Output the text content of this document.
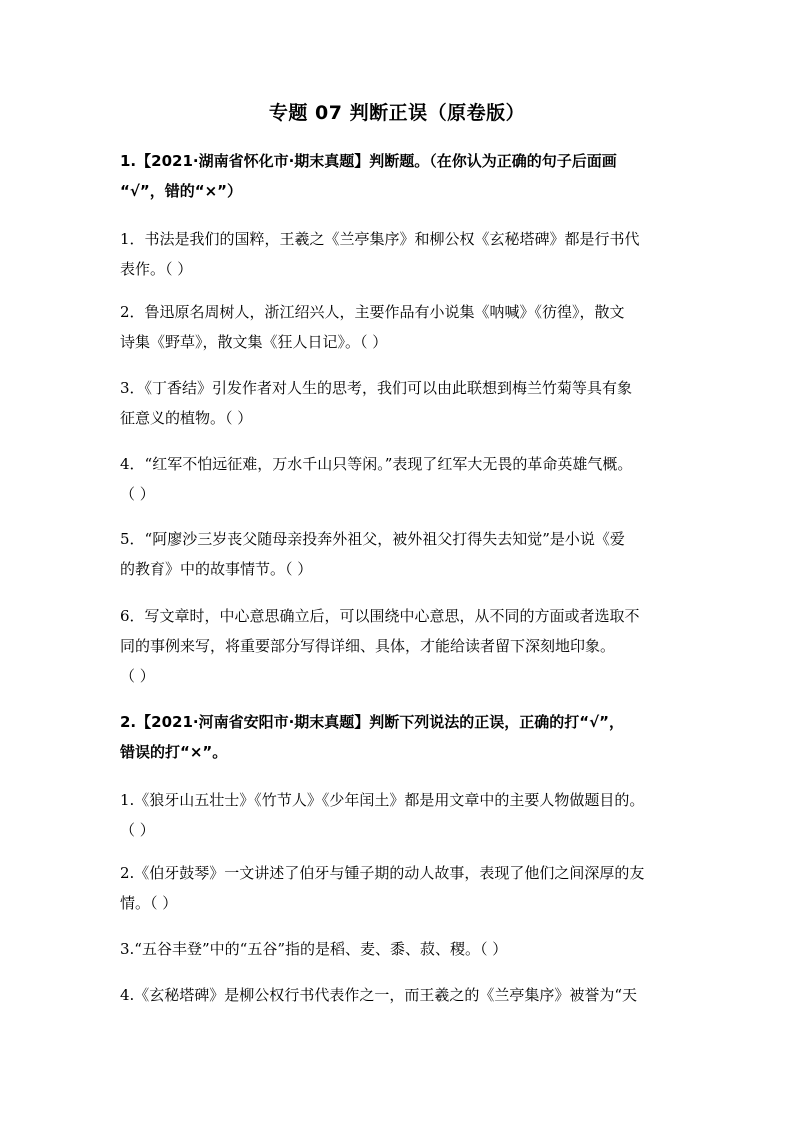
专题 07 判断正误（原卷版）
1.【2021·湖南省怀化市·期末真题】判断题。（在你认为正确的句子后面画
“√”，错的“×”）
1．书法是我们的国粹，王羲之《兰亭集序》和柳公权《玄秘塔碑》都是行书代
表作。（ ）
2．鲁迅原名周树人，浙江绍兴人，主要作品有小说集《呐喊》《彷徨》，散文
诗集《野草》，散文集《狂人日记》。（ ）
3．《丁香结》引发作者对人生的思考，我们可以由此联想到梅兰竹菊等具有象
征意义的植物。（ ）
4．“红军不怕远征难，万水千山只等闲。”表现了红军大无畏的革命英雄气概。
（ ）
5．“阿廖沙三岁丧父随母亲投奔外祖父，被外祖父打得失去知觉”是小说《爱
的教育》中的故事情节。（ ）
6．写文章时，中心意思确立后，可以围绕中心意思，从不同的方面或者选取不
同的事例来写，将重要部分写得详细、具体，才能给读者留下深刻地印象。
（ ）
2.【2021·河南省安阳市·期末真题】判断下列说法的正误，正确的打“√”，
错误的打“×”。
1.《狼牙山五壮士》《竹节人》《少年闰土》都是用文章中的主要人物做题目的。
（ ）
2.《伯牙鼓琴》一文讲述了伯牙与锺子期的动人故事，表现了他们之间深厚的友
情。（ ）
3.“五谷丰登”中的“五谷”指的是稻、麦、黍、菽、稷。（ ）
4.《玄秘塔碑》是柳公权行书代表作之一，而王羲之的《兰亭集序》被誉为“天
